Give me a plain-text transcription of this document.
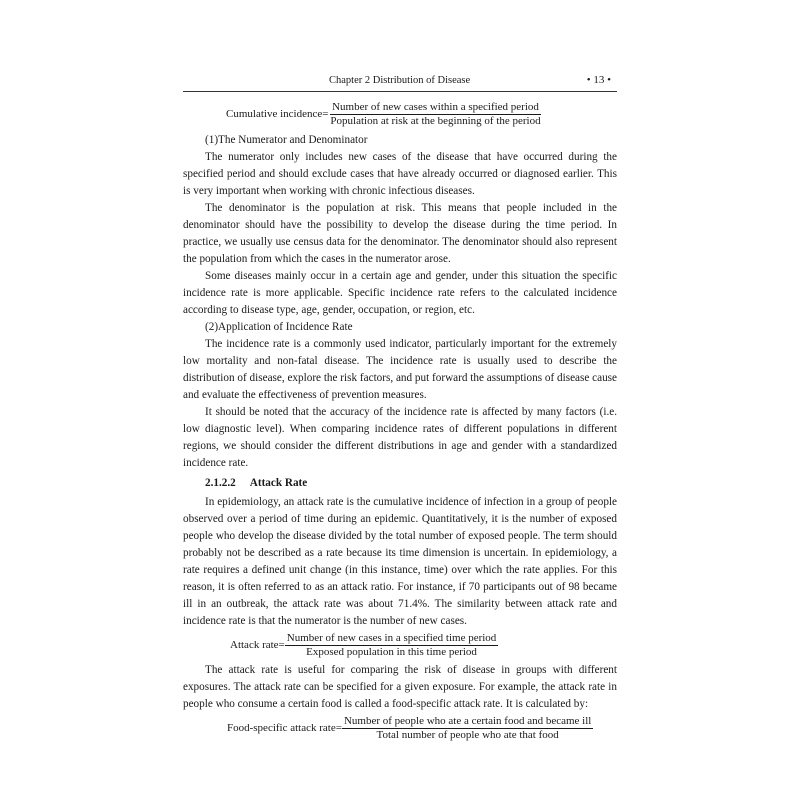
Chapter 2 Distribution of Disease	• 13 •
Cumulative incidence= $\frac{\text{Number of new cases within a specified period}}{\text{Population at risk at the beginning of the period}}$
(1)The Numerator and Denominator

The numerator only includes new cases of the disease that have occurred during the specified period and should exclude cases that have already occurred or diagnosed earlier. This is very important when working with chronic infectious diseases.

The denominator is the population at risk. This means that people included in the denominator should have the possibility to develop the disease during the time period. In practice, we usually use census data for the denominator. The denominator should also represent the population from which the cases in the numerator arose.

Some diseases mainly occur in a certain age and gender, under this situation the specific incidence rate is more applicable. Specific incidence rate refers to the calculated incidence according to disease type, age, gender, occupation, or region, etc.

(2)Application of Incidence Rate

The incidence rate is a commonly used indicator, particularly important for the extremely low mortality and non-fatal disease. The incidence rate is usually used to describe the distribution of disease, explore the risk factors, and put forward the assumptions of disease cause and evaluate the effectiveness of prevention measures.

It should be noted that the accuracy of the incidence rate is affected by many factors (i.e. low diagnostic level). When comparing incidence rates of different populations in different regions, we should consider the different distributions in age and gender with a standardized incidence rate.

2.1.2.2 Attack Rate

In epidemiology, an attack rate is the cumulative incidence of infection in a group of people observed over a period of time during an epidemic. Quantitatively, it is the number of exposed people who develop the disease divided by the total number of exposed people. The term should probably not be described as a rate because its time dimension is uncertain. In epidemiology, a rate requires a defined unit change (in this instance, time) over which the rate applies. For this reason, it is often referred to as an attack ratio. For instance, if 70 participants out of 98 became ill in an outbreak, the attack rate was about 71.4%. The similarity between attack rate and incidence rate is that the numerator is the number of new cases.

Attack rate= $\frac{\text{Number of new cases in a specified time period}}{\text{Exposed population in this time period}}$

The attack rate is useful for comparing the risk of disease in groups with different exposures. The attack rate can be specified for a given exposure. For example, the attack rate in people who consume a certain food is called a food-specific attack rate. It is calculated by:

Food-specific attack rate= $\frac{\text{Number of people who ate a certain food and became ill}}{\text{Total number of people who ate that food}}$
